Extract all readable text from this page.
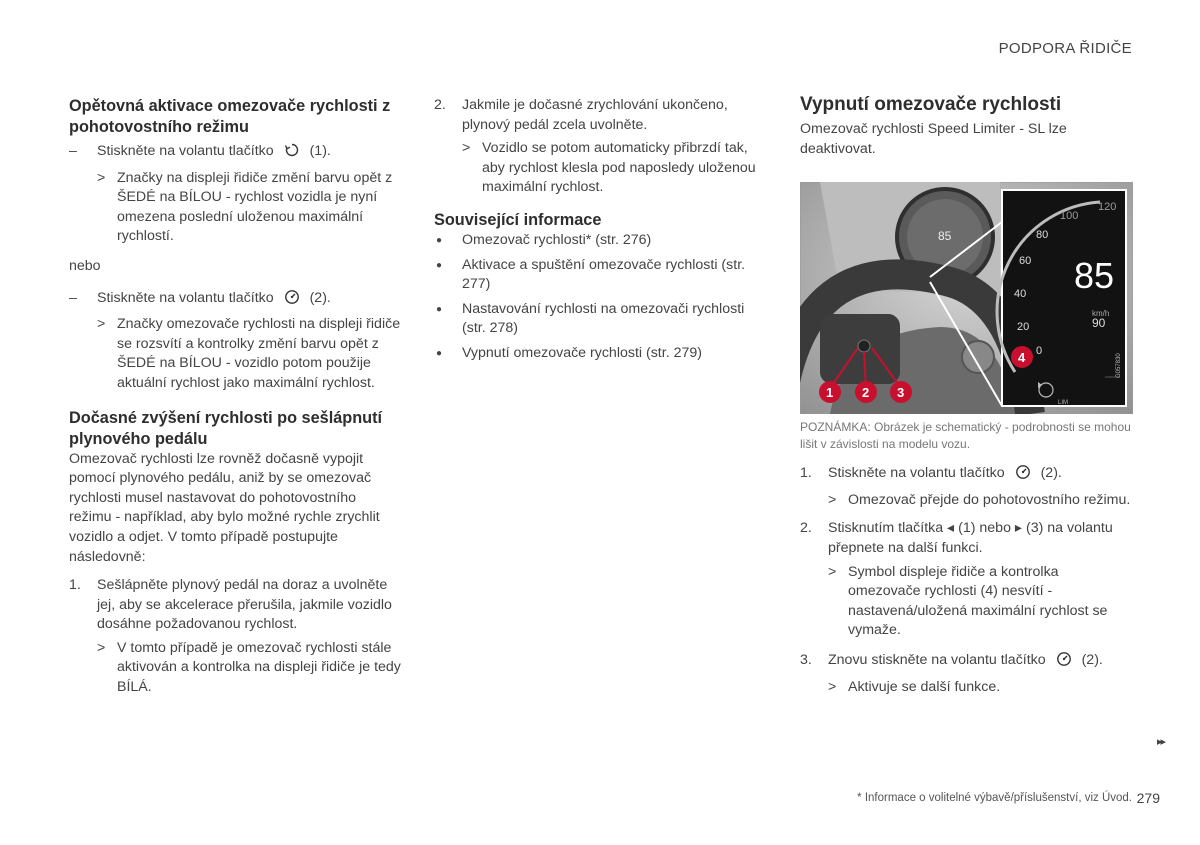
PODPORA ŘIDIČE
Opětovná aktivace omezovače rychlosti z pohotovostního režimu
– Stiskněte na volantu tlačítko	(1).
> Značky na displeji řidiče změní barvu opět z ŠEDÉ na BÍLOU - rychlost vozidla je nyní omezena poslední uloženou maximální rychlostí.

nebo

– Stiskněte na volantu tlačítko	(2).
> Značky omezovače rychlosti na displeji řidiče se rozsvítí a kontrolky změní barvu opět z ŠEDÉ na BÍLOU - vozidlo potom použije aktuální rychlost jako maximální rychlost.
Dočasné zvýšení rychlosti po sešlápnutí plynového pedálu

Omezovač rychlosti lze rovněž dočasně vypojit pomocí plynového pedálu, aniž by se omezovač rychlosti musel nastavovat do pohotovostního režimu - například, aby bylo možné rychle zrychlit vozidlo a odjet. V tomto případě postupujte následovně:

1. Sešlápněte plynový pedál na doraz a uvolněte jej, aby se akcelerace přerušila, jakmile vozidlo dosáhne požadovanou rychlost.
> V tomto případě je omezovač rychlosti stále aktivován a kontrolka na displeji řidiče je tedy BÍLÁ.
2. Jakmile je dočasné zrychlování ukončeno, plynový pedál zcela uvolněte.
> Vozidlo se potom automaticky přibrzdí tak, aby rychlost klesla pod naposledy uloženou maximální rychlost.
Související informace
● Omezovač rychlosti* (str. 276)
● Aktivace a spuštění omezovače rychlosti (str. 277)
● Nastavování rychlosti na omezovači rychlosti (str. 278)
● Vypnutí omezovače rychlosti (str. 279)
Vypnutí omezovače rychlosti

Omezovač rychlosti Speed Limiter - SL lze deaktivovat.

85
120
100
80
60
40
20
0
85
km/h
90
LIM
G057830
1 2 3
4

POZNÁMKA: Obrázek je schematický - podrobnosti se mohou lišit v závislosti na modelu vozu.

1. Stiskněte na volantu tlačítko	(2).
> Omezovač přejde do pohotovostního režimu.
2. Stisknutím tlačítka ◂ (1) nebo ▸ (3) na volantu přepnete na další funkci.
> Symbol displeje řidiče a kontrolka omezovače rychlosti (4) nesvítí - nastavená/uložená maximální rychlost se vymaže.
3. Znovu stiskněte na volantu tlačítko	(2).
> Aktivuje se další funkce.
▸▸
* Informace o volitelné výbavě/příslušenství, viz Úvod. 279
